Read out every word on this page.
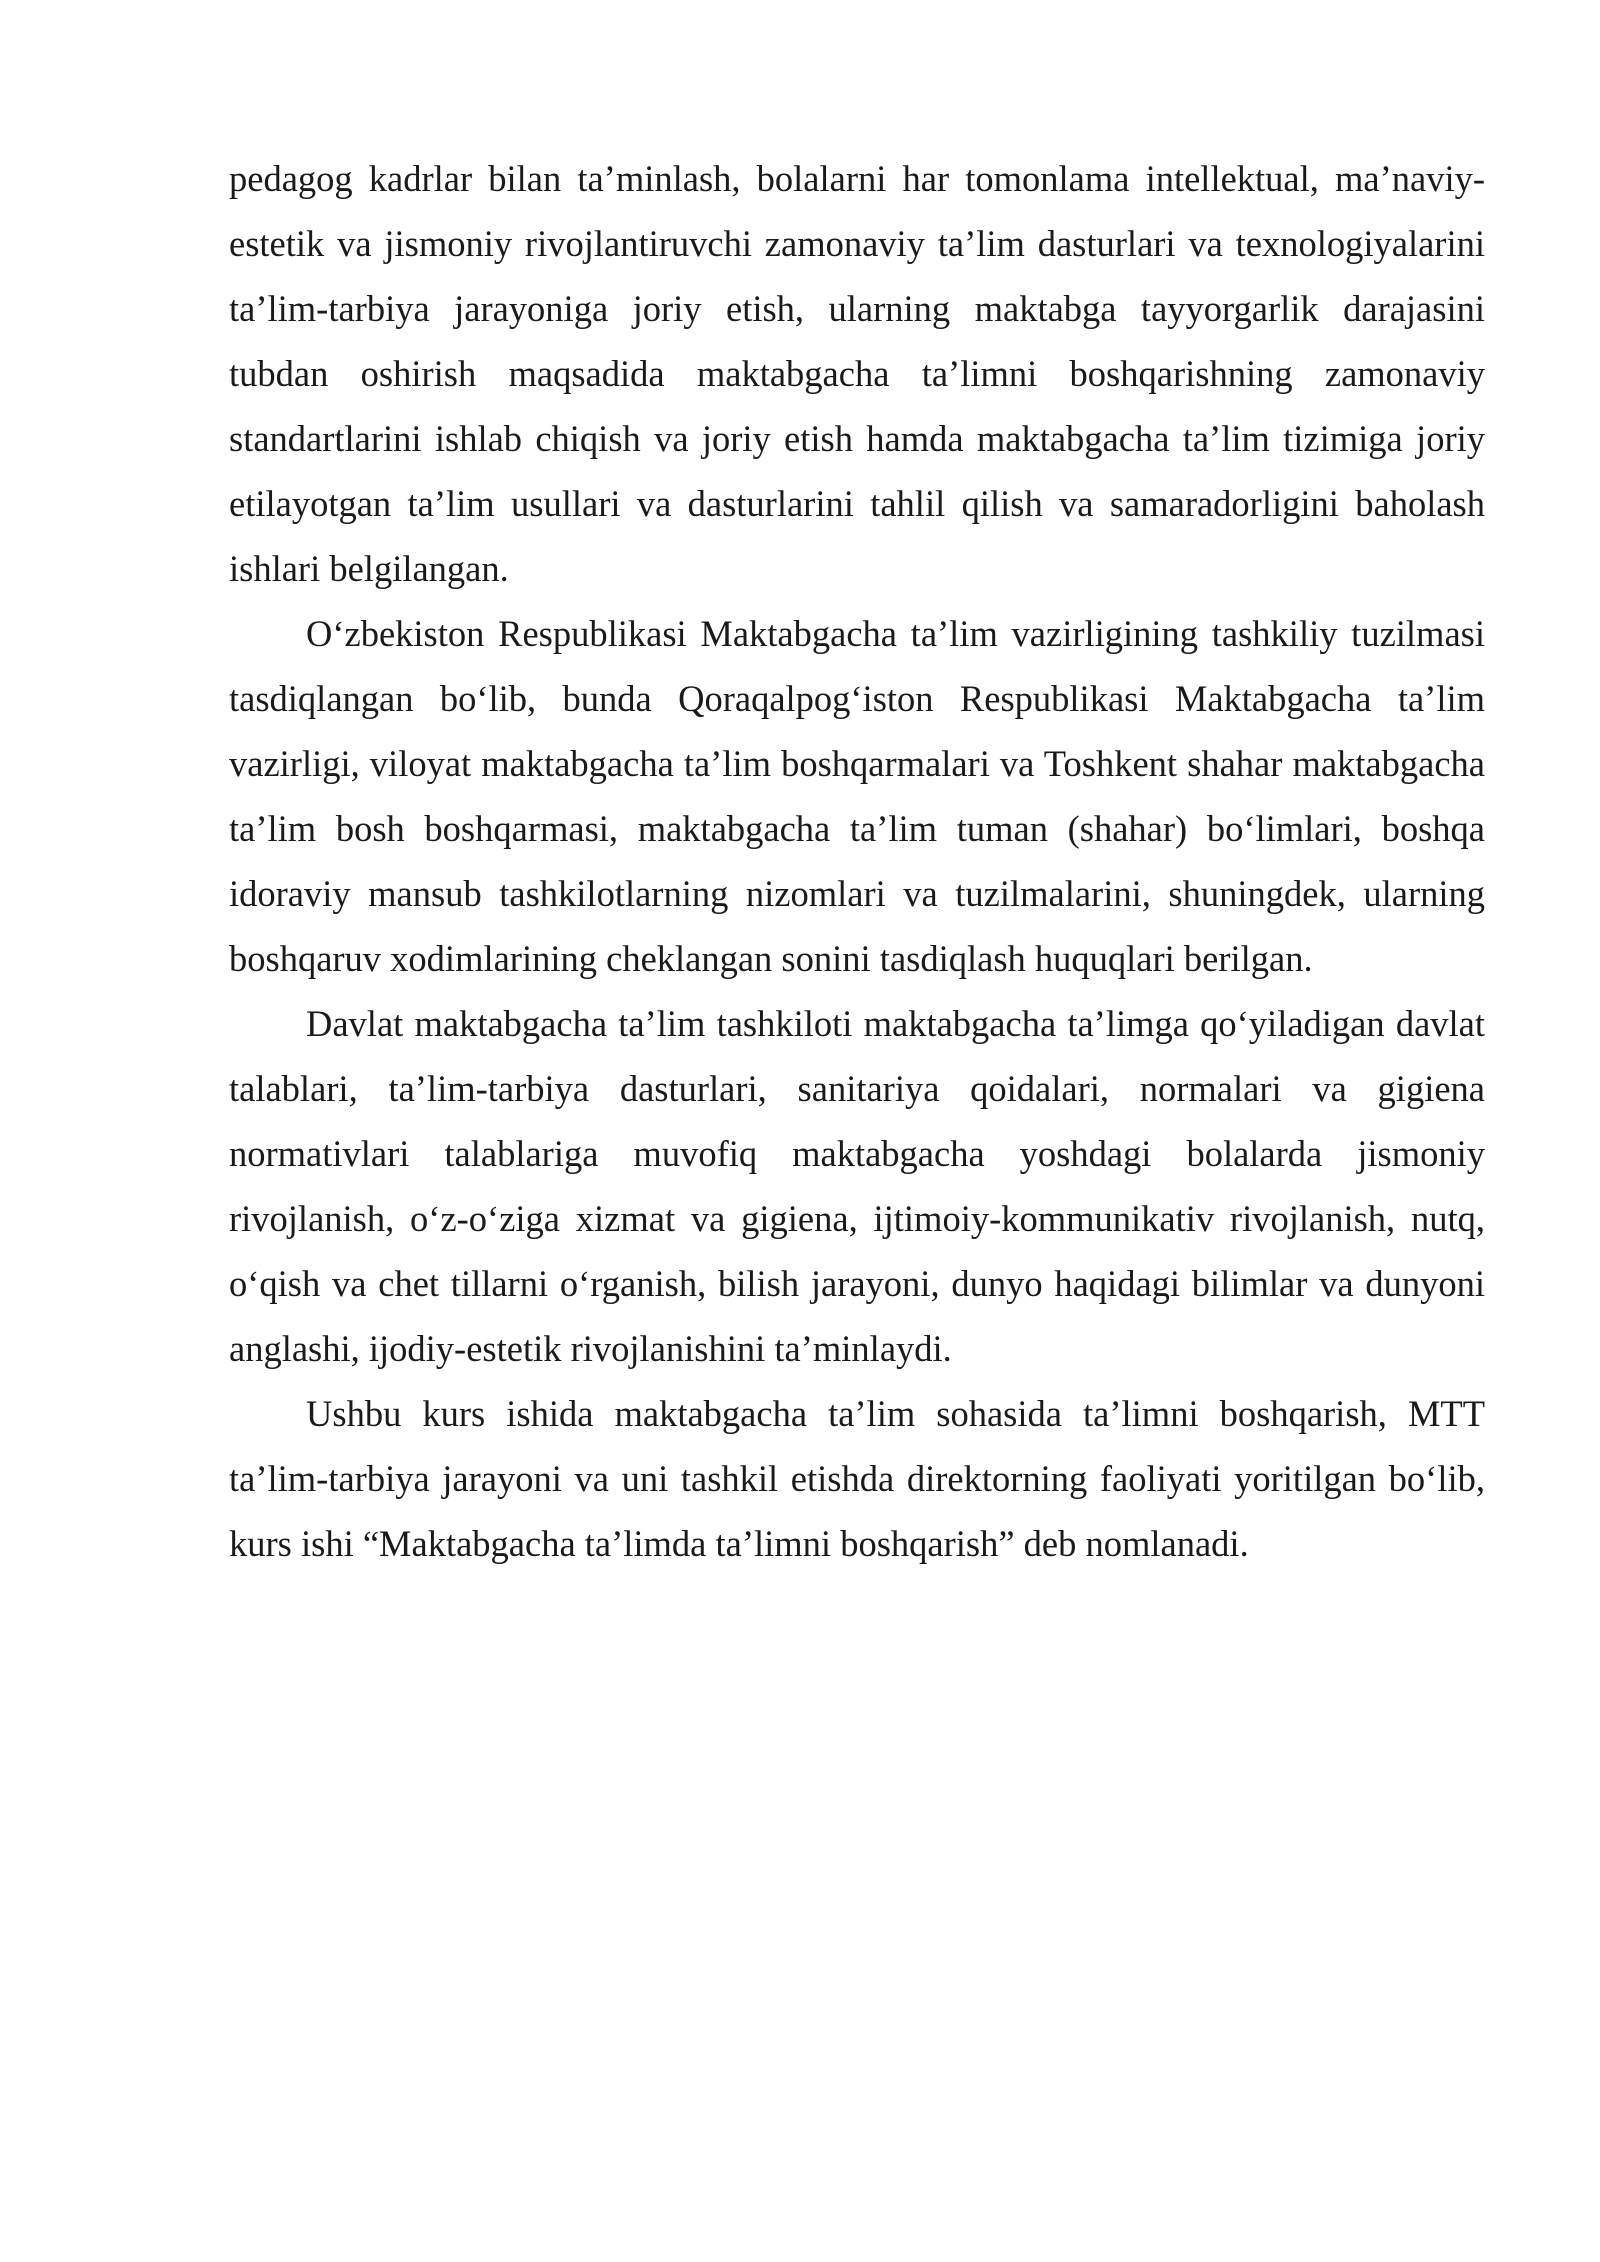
pedagog kadrlar bilan ta’minlash, bolalarni har tomonlama intellektual, ma’naviy-estetik va jismoniy rivojlantiruvchi zamonaviy ta’lim dasturlari va texnologiyalarini ta’lim-tarbiya jarayoniga joriy etish, ularning maktabga tayyorgarlik darajasini tubdan oshirish maqsadida maktabgacha ta’limni boshqarishning zamonaviy standartlarini ishlab chiqish va joriy etish hamda maktabgacha ta’lim tizimiga joriy etilayotgan ta’lim usullari va dasturlarini tahlil qilish va samaradorligini baholash ishlari belgilangan.

O‘zbekiston Respublikasi Maktabgacha ta’lim vazirligining tashkiliy tuzilmasi tasdiqlangan bo‘lib, bunda Qoraqalpog‘iston Respublikasi Maktabgacha ta’lim vazirligi, viloyat maktabgacha ta’lim boshqarmalari va Toshkent shahar maktabgacha ta’lim bosh boshqarmasi, maktabgacha ta’lim tuman (shahar) bo‘limlari, boshqa idoraviy mansub tashkilotlarning nizomlari va tuzilmalarini, shuningdek, ularning boshqaruv xodimlarining cheklangan sonini tasdiqlash huquqlari berilgan.

Davlat maktabgacha ta’lim tashkiloti maktabgacha ta’limga qo‘yiladigan davlat talablari, ta’lim-tarbiya dasturlari, sanitariya qoidalari, normalari va gigiena normativlari talablariga muvofiq maktabgacha yoshdagi bolalarda jismoniy rivojlanish, o‘z-o‘ziga xizmat va gigiena, ijtimoiy-kommunikativ rivojlanish, nutq, o‘qish va chet tillarni o‘rganish, bilish jarayoni, dunyo haqidagi bilimlar va dunyoni anglashi, ijodiy-estetik rivojlanishini ta’minlaydi.

Ushbu kurs ishida maktabgacha ta’lim sohasida ta’limni boshqarish, MTT ta’lim-tarbiya jarayoni va uni tashkil etishda direktorning faoliyati yoritilgan bo‘lib, kurs ishi “Maktabgacha ta’limda ta’limni boshqarish” deb nomlanadi.
